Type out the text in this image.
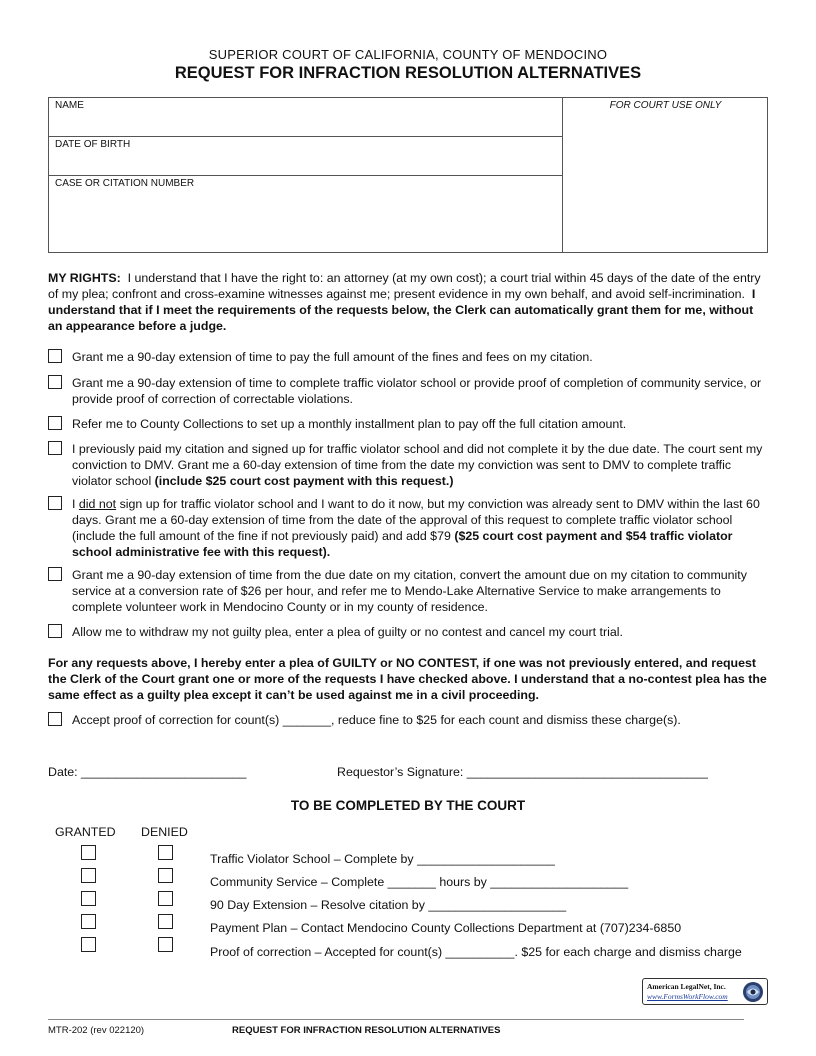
SUPERIOR COURT OF CALIFORNIA, COUNTY OF MENDOCINO
REQUEST FOR INFRACTION RESOLUTION ALTERNATIVES
NAME
DATE OF BIRTH
CASE OR CITATION NUMBER
FOR COURT USE ONLY
MY RIGHTS: I understand that I have the right to: an attorney (at my own cost); a court trial within 45 days of the date of the entry of my plea; confront and cross-examine witnesses against me; present evidence in my own behalf, and avoid self-incrimination. I understand that if I meet the requirements of the requests below, the Clerk can automatically grant them for me, without an appearance before a judge.
Grant me a 90-day extension of time to pay the full amount of the fines and fees on my citation.
Grant me a 90-day extension of time to complete traffic violator school or provide proof of completion of community service, or provide proof of correction of correctable violations.
Refer me to County Collections to set up a monthly installment plan to pay off the full citation amount.
I previously paid my citation and signed up for traffic violator school and did not complete it by the due date. The court sent my conviction to DMV. Grant me a 60-day extension of time from the date my conviction was sent to DMV to complete traffic violator school (include $25 court cost payment with this request.)
I did not sign up for traffic violator school and I want to do it now, but my conviction was already sent to DMV within the last 60 days. Grant me a 60-day extension of time from the date of the approval of this request to complete traffic violator school (include the full amount of the fine if not previously paid) and add $79 ($25 court cost payment and $54 traffic violator school administrative fee with this request).
Grant me a 90-day extension of time from the due date on my citation, convert the amount due on my citation to community service at a conversion rate of $26 per hour, and refer me to Mendo-Lake Alternative Service to make arrangements to complete volunteer work in Mendocino County or in my county of residence.
Allow me to withdraw my not guilty plea, enter a plea of guilty or no contest and cancel my court trial.
For any requests above, I hereby enter a plea of GUILTY or NO CONTEST, if one was not previously entered, and request the Clerk of the Court grant one or more of the requests I have checked above. I understand that a no-contest plea has the same effect as a guilty plea except it can’t be used against me in a civil proceeding.
Accept proof of correction for count(s) _______, reduce fine to $25 for each count and dismiss these charge(s).
Date: ________________________	Requestor’s Signature: ___________________________________
TO BE COMPLETED BY THE COURT
GRANTED DENIED
Traffic Violator School – Complete by ____________________
Community Service – Complete _______ hours by ____________________
90 Day Extension – Resolve citation by ____________________
Payment Plan – Contact Mendocino County Collections Department at (707)234-6850
Proof of correction – Accepted for count(s) __________. $25 for each charge and dismiss charge
American LegalNet, Inc.
www.FormsWorkFlow.com
MTR-202 (rev 022120)	REQUEST FOR INFRACTION RESOLUTION ALTERNATIVES
